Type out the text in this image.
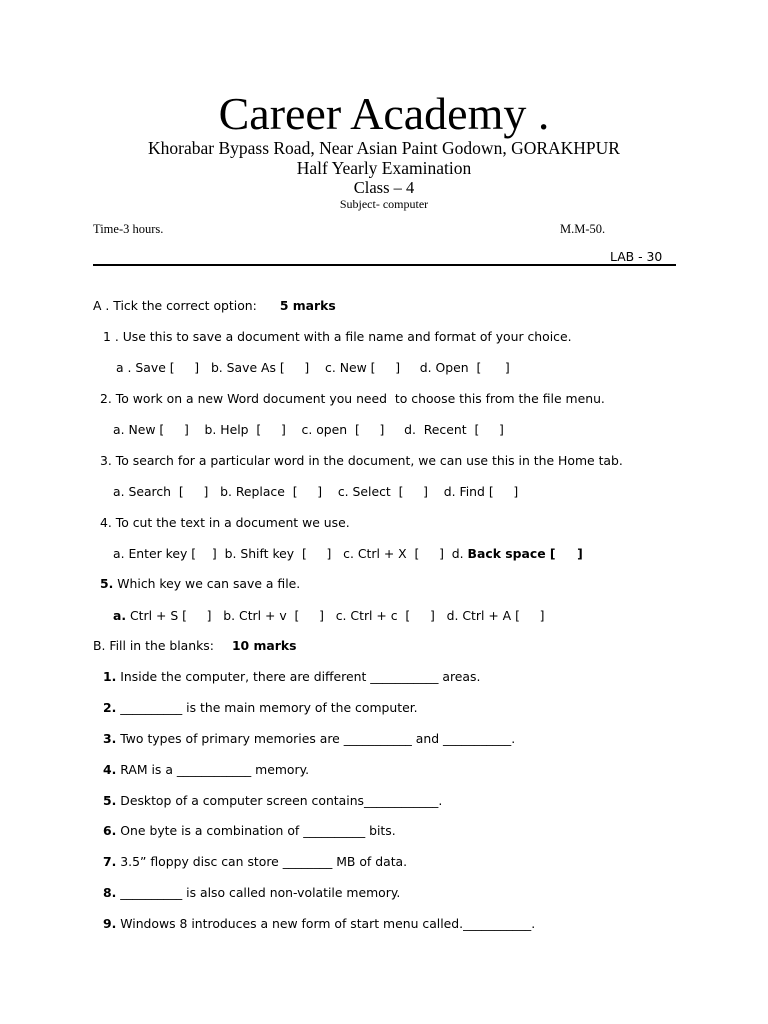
Career Academy .
Khorabar Bypass Road, Near Asian Paint Godown, GORAKHPUR
Half Yearly Examination
Class – 4
Subject- computer
Time-3 hours.	M.M-50.
LAB - 30
A . Tick the correct option: 5 marks
1 . Use this to save a document with a file name and format of your choice.
a . Save [     ]   b. Save As [     ]    c. New [     ]     d. Open  [      ]
2. To work on a new Word document you need  to choose this from the file menu.
a. New [     ]    b. Help  [     ]    c. open  [     ]     d.  Recent  [     ]
3. To search for a particular word in the document, we can use this in the Home tab.
a. Search  [     ]   b. Replace  [     ]    c. Select  [     ]    d. Find [     ]
4. To cut the text in a document we use.
a. Enter key [    ]  b. Shift key  [     ]   c. Ctrl + X  [     ]  d. Back space [     ]
5. Which key we can save a file.
a. Ctrl + S [     ]   b. Ctrl + v  [     ]   c. Ctrl + c  [     ]   d. Ctrl + A [     ]
B. Fill in the blanks: 10 marks
1. Inside the computer, there are different ___________ areas.
2. __________ is the main memory of the computer.
3. Two types of primary memories are ___________ and ___________.
4. RAM is a ____________ memory.
5. Desktop of a computer screen contains____________.
6. One byte is a combination of __________ bits.
7. 3.5” floppy disc can store ________ MB of data.
8. __________ is also called non-volatile memory.
9. Windows 8 introduces a new form of start menu called.___________.
